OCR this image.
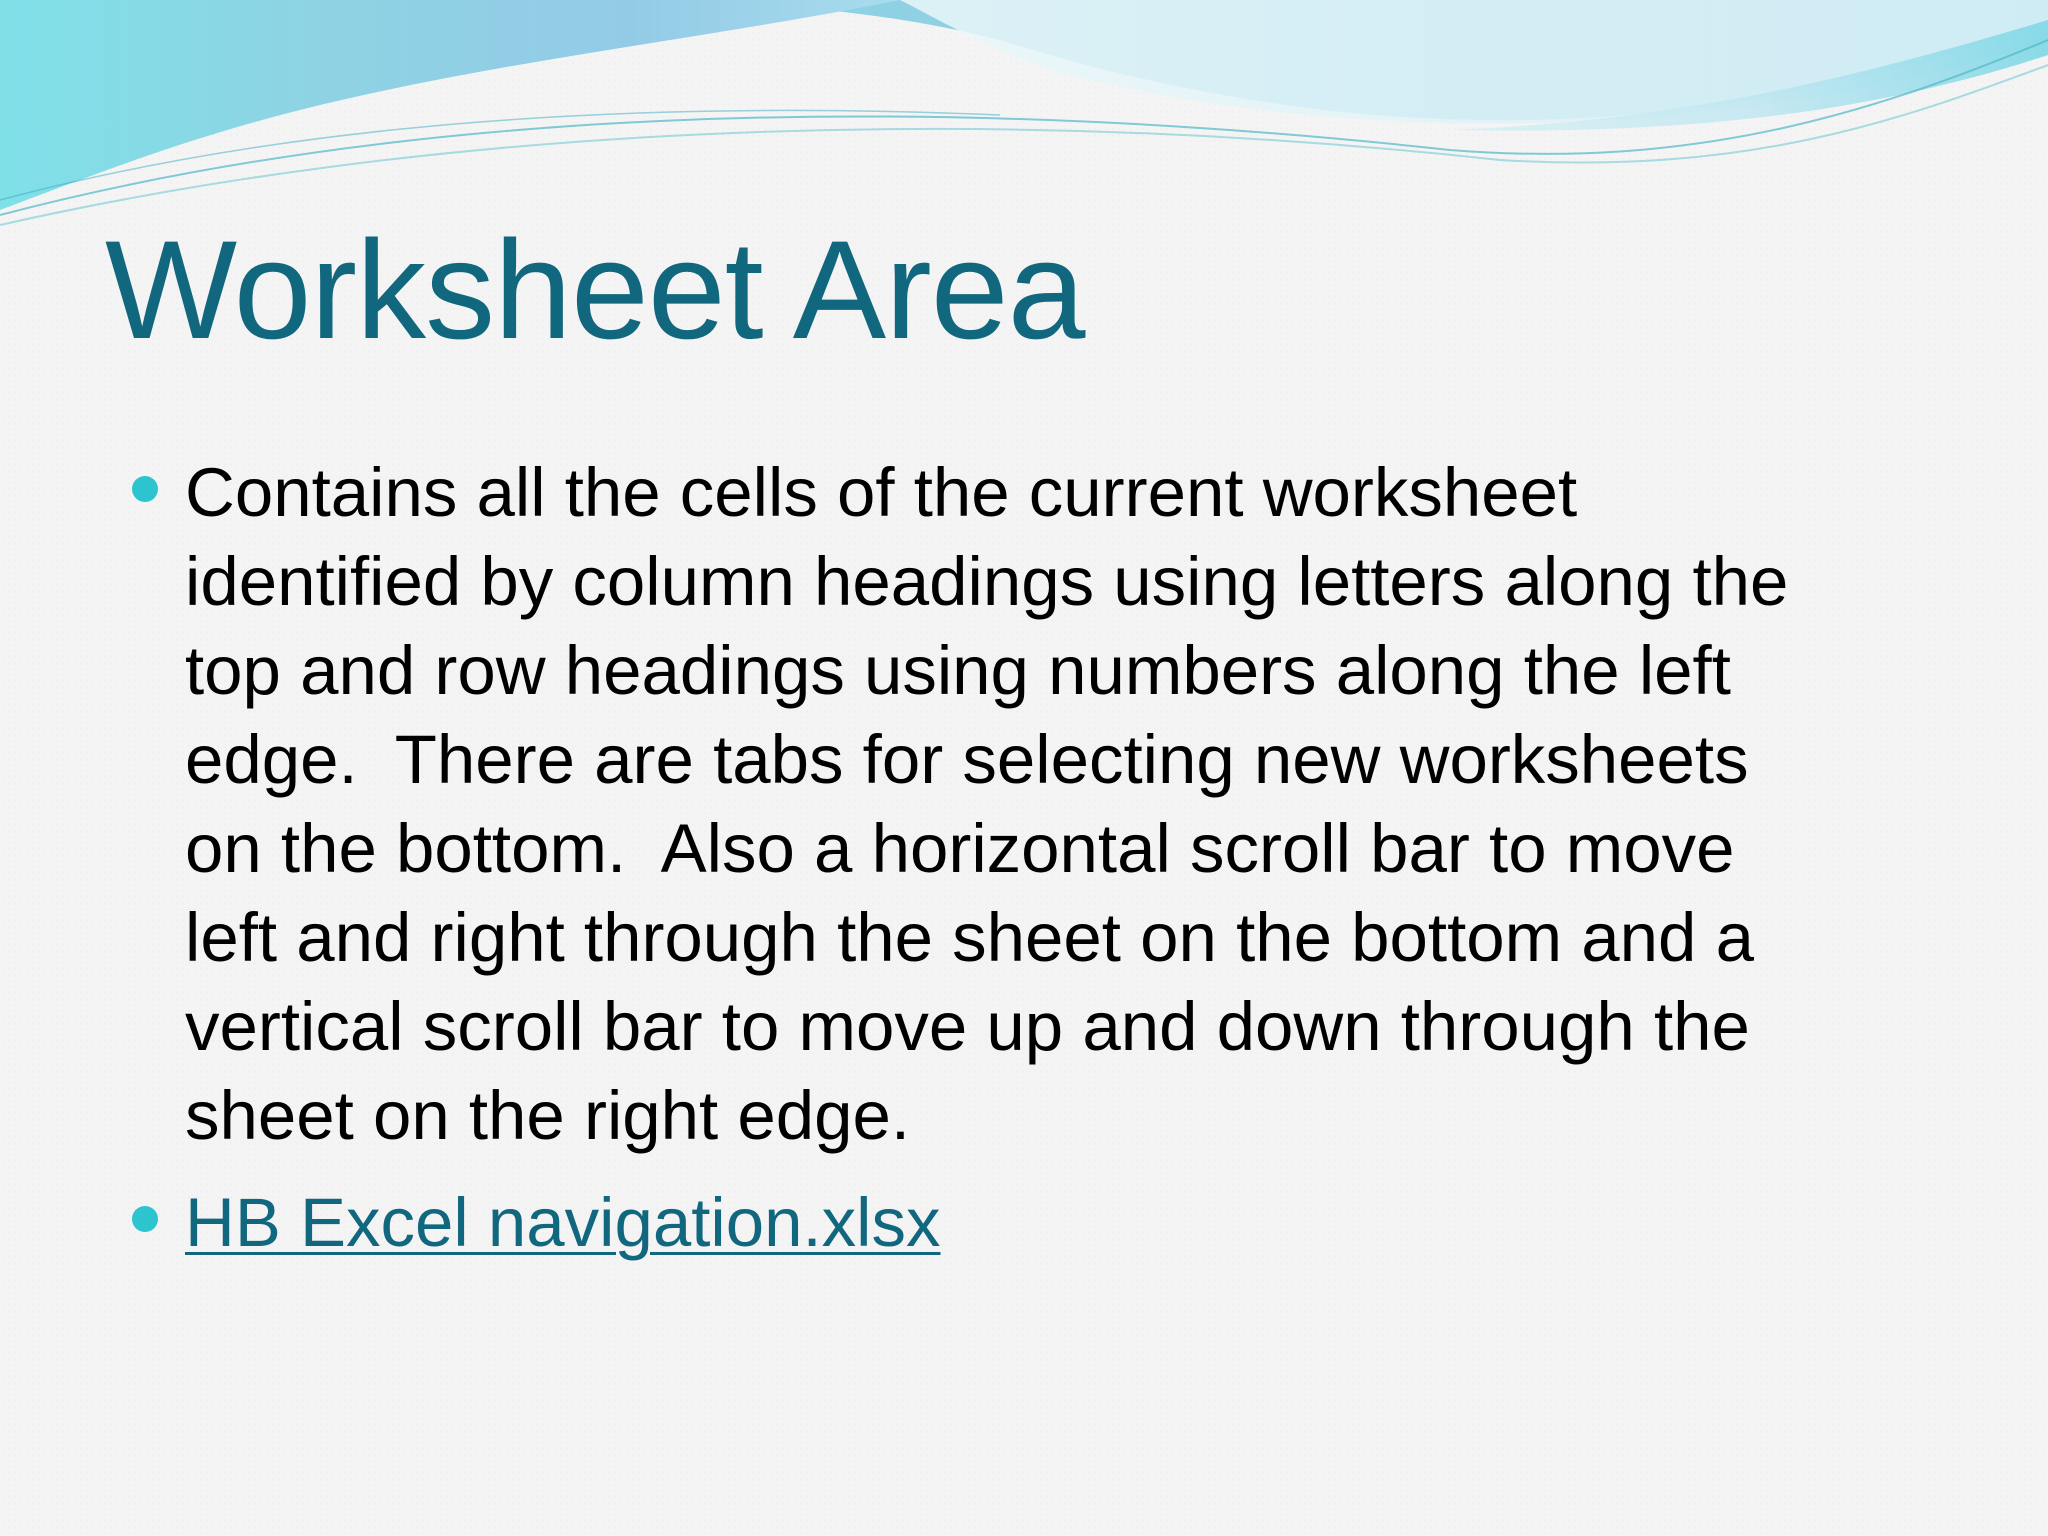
Worksheet Area
Contains all the cells of the current worksheet
identified by column headings using letters along the
top and row headings using numbers along the left
edge.  There are tabs for selecting new worksheets
on the bottom.  Also a horizontal scroll bar to move
left and right through the sheet on the bottom and a
vertical scroll bar to move up and down through the
sheet on the right edge.
HB Excel navigation.xlsx
